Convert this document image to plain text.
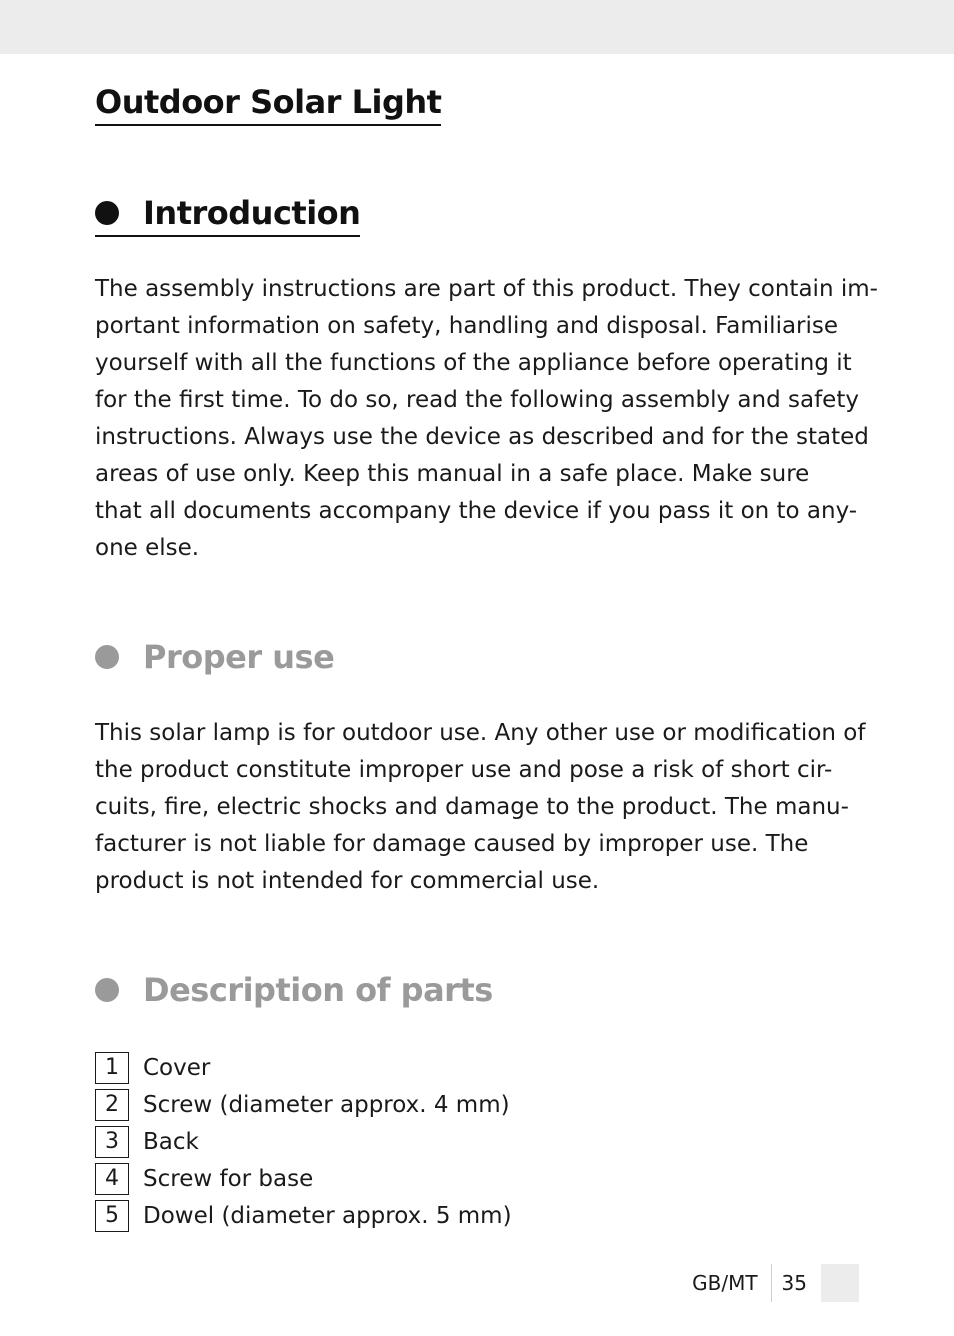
Outdoor Solar Light
Introduction

The assembly instructions are part of this product. They contain im-
portant information on safety, handling and disposal. Familiarise
yourself with all the functions of the appliance before operating it
for the first time. To do so, read the following assembly and safety
instructions. Always use the device as described and for the stated
areas of use only. Keep this manual in a safe place. Make sure
that all documents accompany the device if you pass it on to any-
one else.

Proper use

This solar lamp is for outdoor use. Any other use or modification of
the product constitute improper use and pose a risk of short cir-
cuits, fire, electric shocks and damage to the product. The manu-
facturer is not liable for damage caused by improper use. The
product is not intended for commercial use.

Description of parts
1	Cover
2	Screw (diameter approx. 4 mm)
3	Back
4	Screw for base
5	Dowel (diameter approx. 5 mm)
GB/MT	35
